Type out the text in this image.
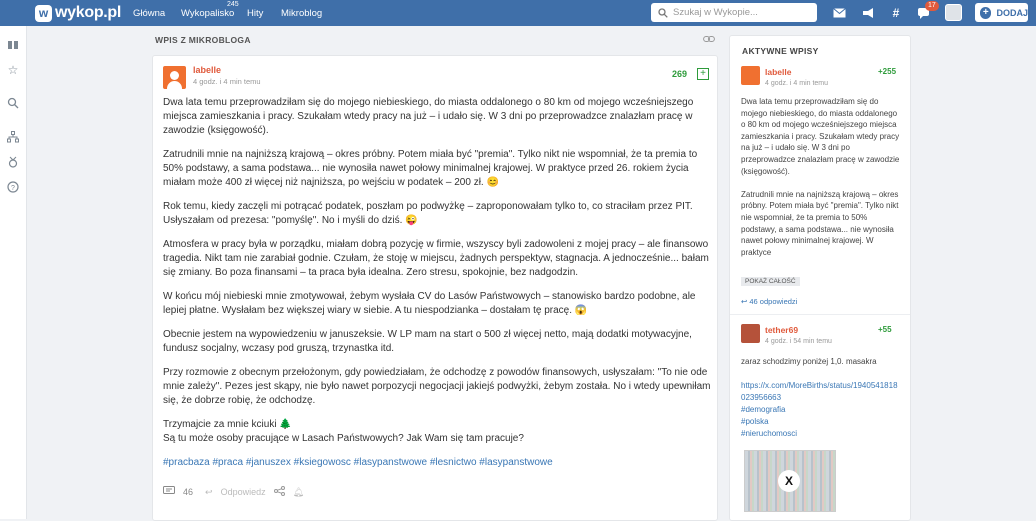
w wykop.pl Główna Wykopalisko
245
Hity Mikroblog	Szukaj w Wykopie...	#
17
+ DODAJ
☆
?
WPIS Z MIKROBLOGA
labelle
4 godz. i 4 min temu
269	+

Dwa lata temu przeprowadziłam się do mojego niebieskiego, do miasta oddalonego o 80 km od mojego wcześniejszego miejsca zamieszkania i pracy. Szukałam wtedy pracy na już – i udało się. W 3 dni po przeprowadzce znalazłam pracę w zawodzie (księgowość).

Zatrudnili mnie na najniższą krajową – okres próbny. Potem miała być "premia". Tylko nikt nie wspomniał, że ta premia to 50% podstawy, a sama podstawa... nie wynosiła nawet połowy minimalnej krajowej. W praktyce przed 26. rokiem życia miałam może 400 zł więcej niż najniższa, po wejściu w podatek – 200 zł. 😊

Rok temu, kiedy zaczęli mi potrącać podatek, poszłam po podwyżkę – zaproponowałam tylko to, co straciłam przez PIT. Usłyszałam od prezesa: "pomyślę". No i myśli do dziś. 😜

Atmosfera w pracy była w porządku, miałam dobrą pozycję w firmie, wszyscy byli zadowoleni z mojej pracy – ale finansowo tragedia. Nikt tam nie zarabiał godnie. Czułam, że stoję w miejscu, żadnych perspektyw, stagnacja. A jednocześnie... bałam się zmiany. Bo poza finansami – ta praca była idealna. Zero stresu, spokojnie, bez nadgodzin.

W końcu mój niebieski mnie zmotywował, żebym wysłała CV do Lasów Państwowych – stanowisko bardzo podobne, ale lepiej płatne. Wysłałam bez większej wiary w siebie. A tu niespodzianka – dostałam tę pracę. 😱

Obecnie jestem na wypowiedzeniu w januszeksie. W LP mam na start o 500 zł więcej netto, mają dodatki motywacyjne, fundusz socjalny, wczasy pod gruszą, trzynastka itd.

Przy rozmowie z obecnym przełożonym, gdy powiedziałam, że odchodzę z powodów finansowych, usłyszałam: "To nie ode mnie zależy". Pezes jest skąpy, nie było nawet porpozycji negocjacji jakiejś podwyżki, żebym została. No i wtedy upewniłam się, że dobrze robię, że odchodzę.

Trzymajcie za mnie kciuki 🌲
Są tu może osoby pracujące w Lasach Państwowych? Jak Wam się tam pracuje?

#pracbaza #praca #januszex #ksiegowosc #lasypanstwowe #lesnictwo #lasypanstwowe

46 ↩ Odpowiedz	🔔︎
AKTYWNE WPISY
labelle
4 godz. i 4 min temu
+255
Dwa lata temu przeprowadziłam się do mojego niebieskiego, do miasta oddalonego o 80 km od mojego wcześniejszego miejsca zamieszkania i pracy. Szukałam wtedy pracy na już – i udało się. W 3 dni po przeprowadzce znalazłam pracę w zawodzie (księgowość).

Zatrudnili mnie na najniższą krajową – okres próbny. Potem miała być "premia". Tylko nikt nie wspomniał, że ta premia to 50% podstawy, a sama podstawa... nie wynosiła nawet połowy minimalnej krajowej. W praktyce
POKAŻ CAŁOŚĆ
↩ 46 odpowiedzi
tether69
4 godz. i 54 min temu
+55
zaraz schodzimy poniżej 1,0. masakra
https://x.com/MoreBirths/status/1940541818023956663
#demografia
#polska
#nieruchomosci
X
